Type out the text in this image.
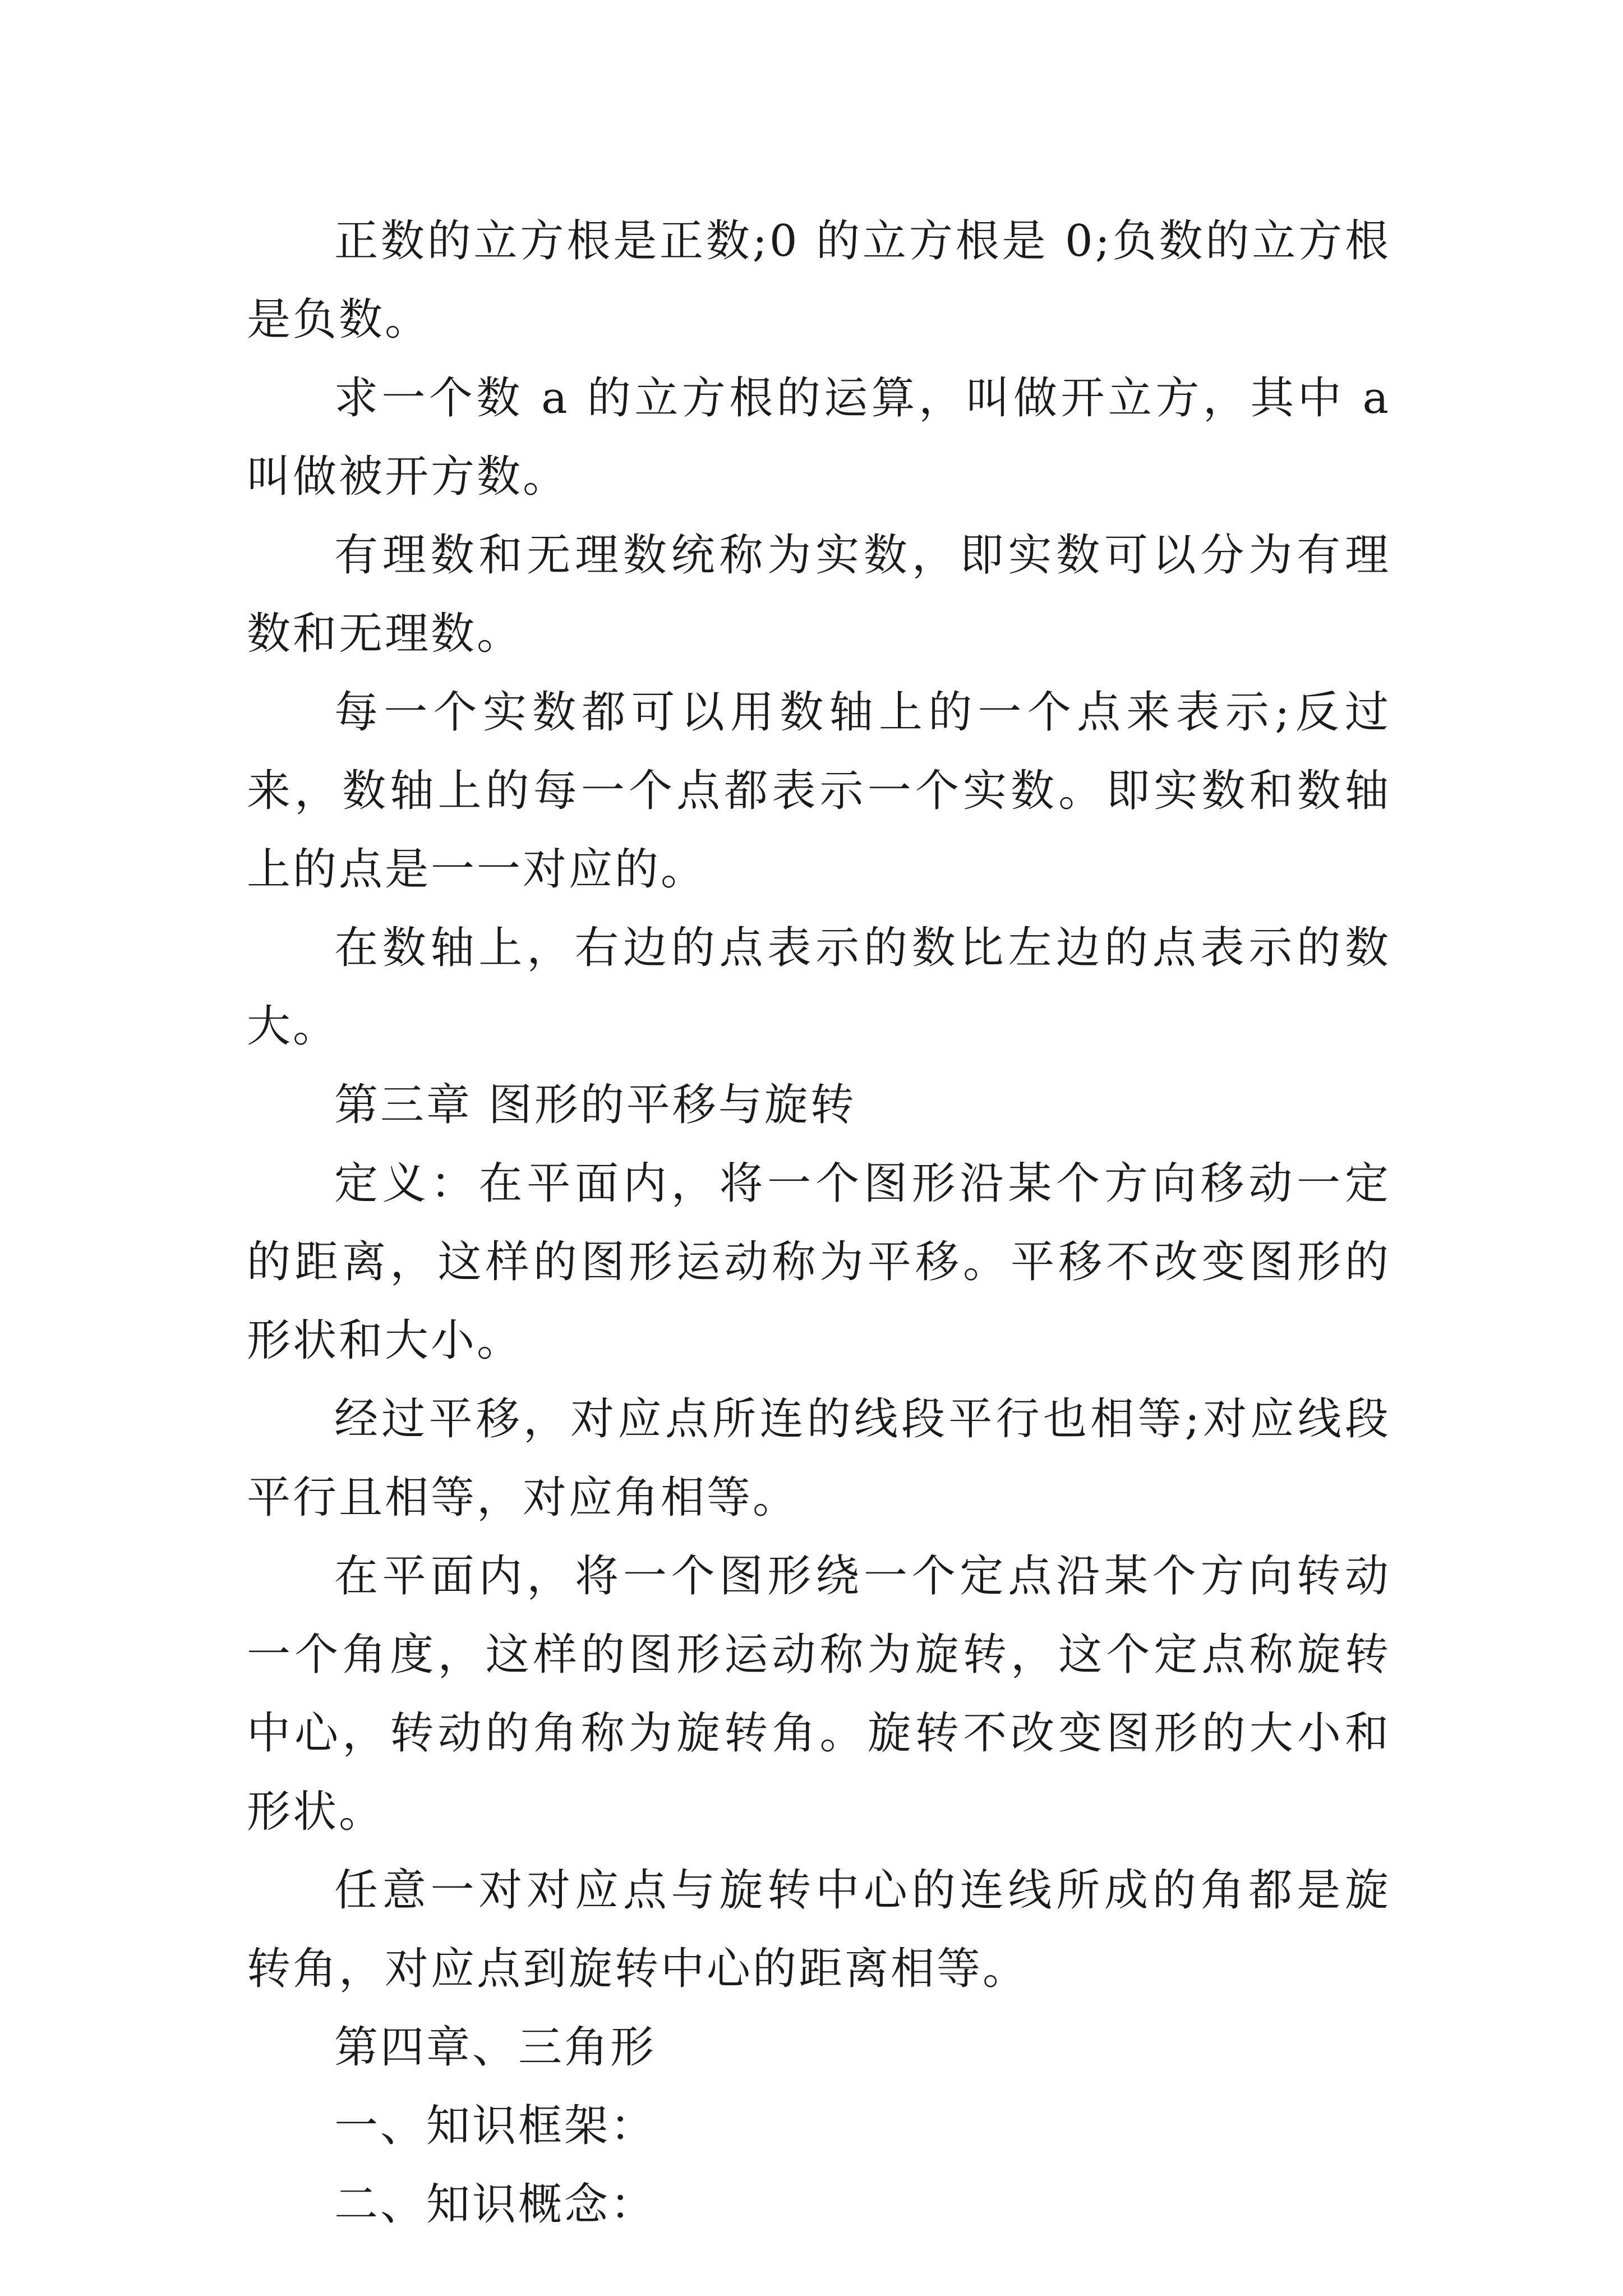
正数的立方根是正数;0 的立方根是 0;负数的立方根是负数。

求一个数 a 的立方根的运算，叫做开立方，其中 a 叫做被开方数。

有理数和无理数统称为实数，即实数可以分为有理数和无理数。

每一个实数都可以用数轴上的一个点来表示;反过来，数轴上的每一个点都表示一个实数。即实数和数轴上的点是一一对应的。

在数轴上，右边的点表示的数比左边的点表示的数大。

第三章 图形的平移与旋转

定义：在平面内，将一个图形沿某个方向移动一定的距离，这样的图形运动称为平移。平移不改变图形的形状和大小。

经过平移，对应点所连的线段平行也相等;对应线段平行且相等，对应角相等。

在平面内，将一个图形绕一个定点沿某个方向转动一个角度，这样的图形运动称为旋转，这个定点称旋转中心，转动的角称为旋转角。旋转不改变图形的大小和形状。

任意一对对应点与旋转中心的连线所成的角都是旋转角，对应点到旋转中心的距离相等。

第四章、三角形

一、知识框架：

二、知识概念：
